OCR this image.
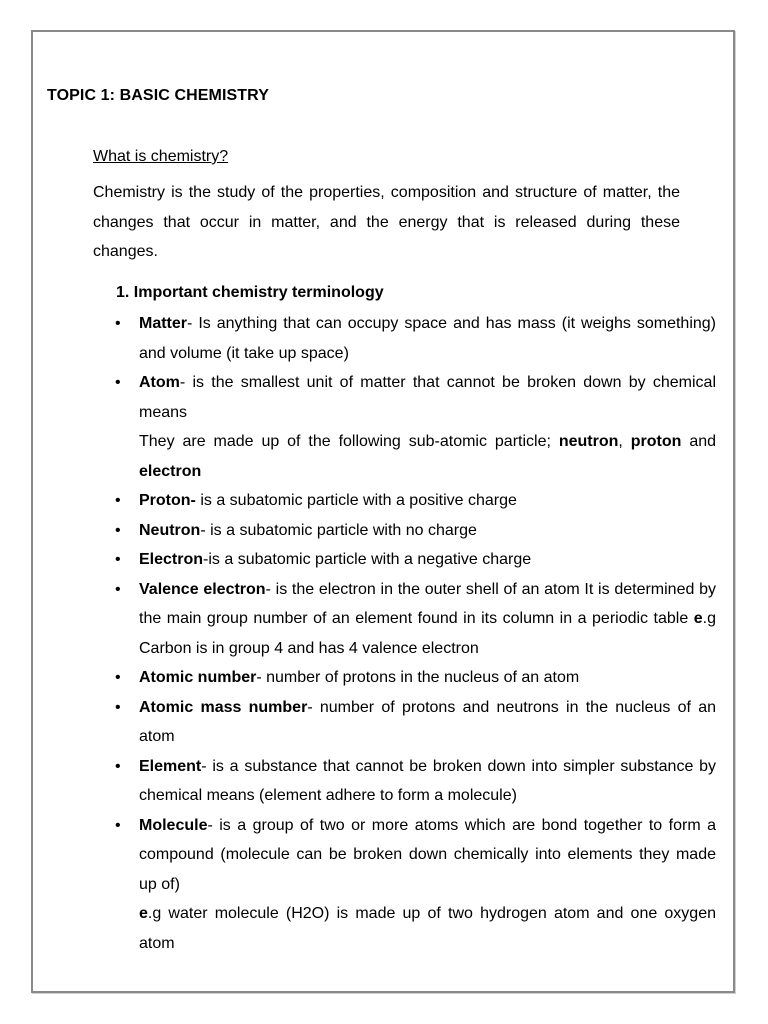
TOPIC 1: BASIC CHEMISTRY
What is chemistry?

Chemistry is the study of the properties, composition and structure of matter, the changes that occur in matter, and the energy that is released during these changes.

1. Important chemistry terminology
• Matter- Is anything that can occupy space and has mass (it weighs something) and volume (it take up space)
• Atom- is the smallest unit of matter that cannot be broken down by chemical means
They are made up of the following sub-atomic particle; neutron, proton and electron
• Proton- is a subatomic particle with a positive charge
• Neutron- is a subatomic particle with no charge
• Electron-is a subatomic particle with a negative charge
• Valence electron- is the electron in the outer shell of an atom It is determined by the main group number of an element found in its column in a periodic table e.g Carbon is in group 4 and has 4 valence electron
• Atomic number- number of protons in the nucleus of an atom
• Atomic mass number- number of protons and neutrons in the nucleus of an atom
• Element- is a substance that cannot be broken down into simpler substance by chemical means (element adhere to form a molecule)
• Molecule- is a group of two or more atoms which are bond together to form a compound (molecule can be broken down chemically into elements they made up of)
e.g water molecule (H2O) is made up of two hydrogen atom and one oxygen atom
